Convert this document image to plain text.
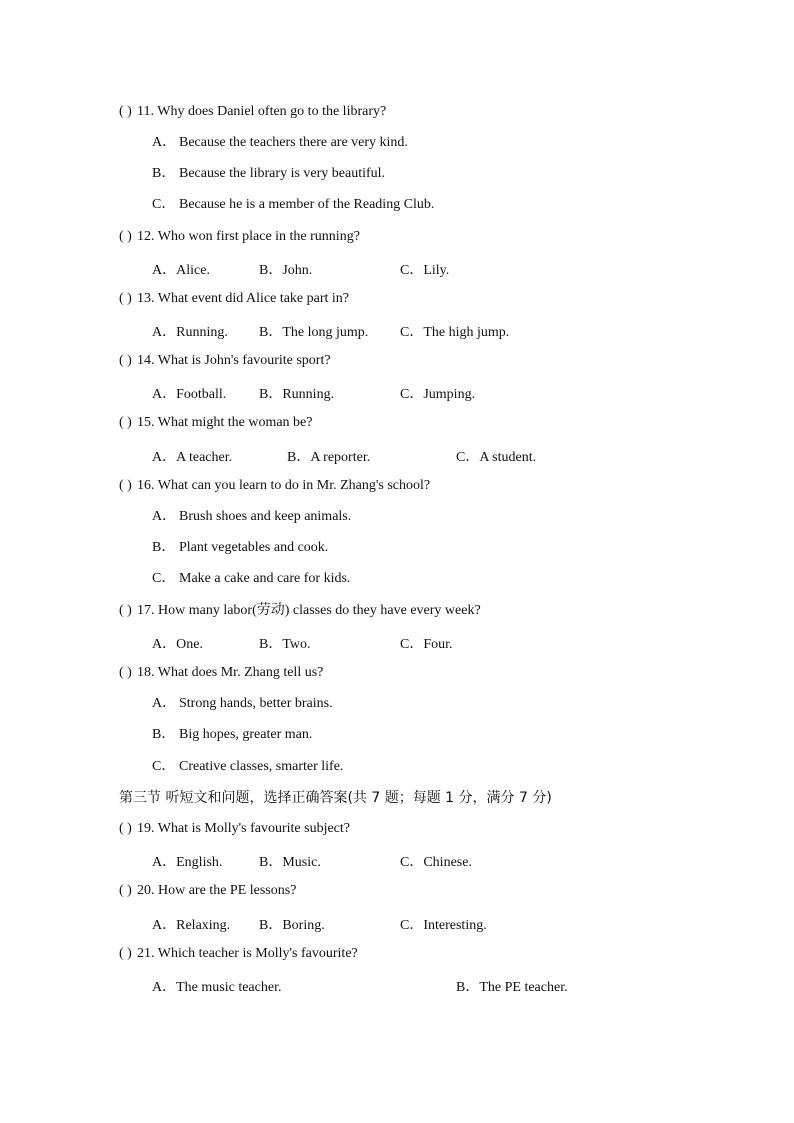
( ) 11. Why does Daniel often go to the library?
A． Because the teachers there are very kind.
B． Because the library is very beautiful.
C． Because he is a member of the Reading Club.
( ) 12. Who won first place in the running?
A．Alice.	B．John.	C．Lily.
( ) 13. What event did Alice take part in?
A．Running. B．The long jump. C．The high jump.
( ) 14. What is John's favourite sport?
A．Football. B．Running.	C．Jumping.
( ) 15. What might the woman be?
A．A teacher.	B．A reporter.	C．A student.
( ) 16. What can you learn to do in Mr. Zhang's school?
A． Brush shoes and keep animals.
B． Plant vegetables and cook.
C． Make a cake and care for kids.
( ) 17. How many labor(劳动) classes do they have every week?
A．One.	B．Two.	C．Four.
( ) 18. What does Mr. Zhang tell us?
A． Strong hands, better brains.
B． Big hopes, greater man.
C． Creative classes, smarter life.
第三节 听短文和问题，选择正确答案(共 7 题；每题 1 分，满分 7 分)
( ) 19. What is Molly's favourite subject?
A．English.	B．Music.	C．Chinese.
( ) 20. How are the PE lessons?
A．Relaxing. B．Boring.	C．Interesting.
( ) 21. Which teacher is Molly's favourite?
A．The music teacher.	B．The PE teacher.
